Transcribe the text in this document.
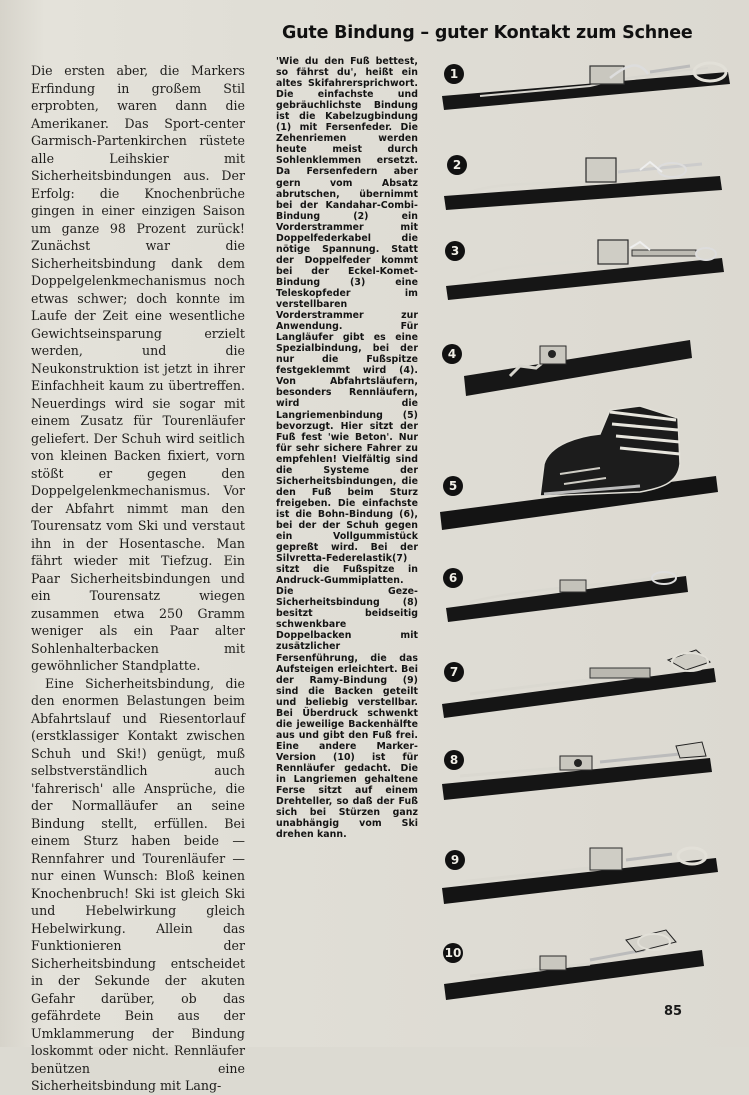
Gute Bindung – guter Kontakt zum Schnee

Die ersten aber, die Markers Erfindung in großem Stil erprobten, waren dann die Amerikaner. Das Sport-center Garmisch-Partenkirchen rüstete alle Leihskier mit Sicherheitsbindungen aus. Der Erfolg: die Knochenbrüche gingen in einer einzigen Saison um ganze 98 Prozent zurück! Zunächst war die Sicherheitsbindung dank dem Doppelgelenkmechanismus noch etwas schwer; doch konnte im Laufe der Zeit eine wesentliche Gewichtseinsparung erzielt werden, und die Neukonstruktion ist jetzt in ihrer Einfachheit kaum zu übertreffen. Neuerdings wird sie sogar mit einem Zusatz für Tourenläufer geliefert. Der Schuh wird seitlich von kleinen Backen fixiert, vorn stößt er gegen den Doppelgelenkmechanismus. Vor der Abfahrt nimmt man den Tourensatz vom Ski und verstaut ihn in der Hosentasche. Man fährt wieder mit Tiefzug. Ein Paar Sicherheitsbindungen und ein Tourensatz wiegen zusammen etwa 250 Gramm weniger als ein Paar alter Sohlenhalterbacken mit gewöhnlicher Standplatte.

Eine Sicherheitsbindung, die den enormen Belastungen beim Abfahrtslauf und Riesentorlauf (erstklassiger Kontakt zwischen Schuh und Ski!) genügt, muß selbstverständlich auch 'fahrerisch' alle Ansprüche, die der Normalläufer an seine Bindung stellt, erfüllen. Bei einem Sturz haben beide — Rennfahrer und Tourenläufer — nur einen Wunsch: Bloß keinen Knochenbruch! Ski ist gleich Ski und Hebelwirkung gleich Hebelwirkung. Allein das Funktionieren der Sicherheitsbindung entscheidet in der Sekunde der akuten Gefahr darüber, ob das gefährdete Bein aus der Umklammerung der Bindung loskommt oder nicht. Rennläufer benützen eine Sicherheitsbindung mit Lang-

'Wie du den Fuß bettest, so fährst du', heißt ein altes Skifahrersprichwort. Die einfachste und gebräuchlichste Bindung ist die Kabelzugbindung (1) mit Fersenfeder. Die Zehenriemen werden heute meist durch Sohlenklemmen ersetzt. Da Fersenfedern aber gern vom Absatz abrutschen, übernimmt bei der Kandahar-Combi-Bindung (2) ein Vorderstrammer mit Doppelfederkabel die nötige Spannung. Statt der Doppelfeder kommt bei der Eckel-Komet-Bindung (3) eine Teleskopfeder im verstellbaren Vorderstrammer zur Anwendung. Für Langläufer gibt es eine Spezialbindung, bei der nur die Fußspitze festgeklemmt wird (4). Von Abfahrtsläufern, besonders Rennläufern, wird die Langriemenbindung (5) bevorzugt. Hier sitzt der Fuß fest 'wie Beton'. Nur für sehr sichere Fahrer zu empfehlen! Vielfältig sind die Systeme der Sicherheitsbindungen, die den Fuß beim Sturz freigeben. Die einfachste ist die Bohn-Bindung (6), bei der der Schuh gegen ein Vollgummistück gepreßt wird. Bei der Silvretta-Federelastik(7) sitzt die Fußspitze in Andruck-Gummiplatten. Die Geze-Sicherheitsbindung (8) besitzt beidseitig schwenkbare Doppelbacken mit zusätzlicher Fersenführung, die das Aufsteigen erleichtert. Bei der Ramy-Bindung (9) sind die Backen geteilt und beliebig verstellbar. Bei Überdruck schwenkt die jeweilige Backenhälfte aus und gibt den Fuß frei. Eine andere Marker-Version (10) ist für Rennläufer gedacht. Die in Langriemen gehaltene Ferse sitzt auf einem Drehteller, so daß der Fuß sich bei Stürzen ganz unabhängig vom Ski drehen kann.
1
2
3
4
5
6
7
8
9
10
85
